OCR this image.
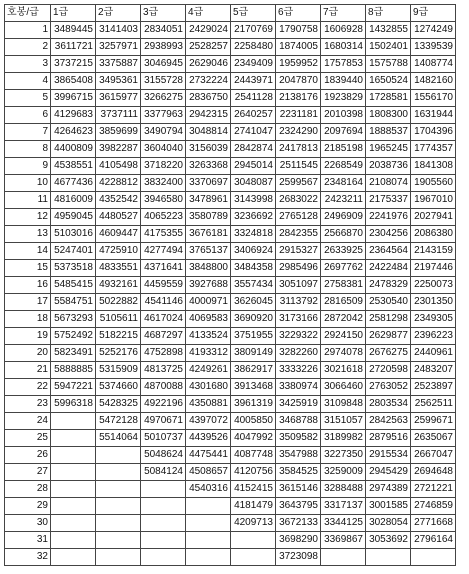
호봉/급	1급	2급	3급	4급	5급	6급	7급	8급	9급
1	3489445	3141403	2834051	2429024	2170769	1790758	1606928	1432855	1274249
2	3611721	3257971	2938993	2528257	2258480	1874005	1680314	1502401	1339539
3	3737215	3375887	3046945	2629046	2349409	1959952	1757853	1575788	1408774
4	3865408	3495361	3155728	2732224	2443971	2047870	1839440	1650524	1482160
5	3996715	3615977	3266275	2836750	2541128	2138176	1923829	1728581	1556170
6	4129683	3737111	3377963	2942315	2640257	2231181	2010398	1808300	1631944
7	4264623	3859699	3490794	3048814	2741047	2324290	2097694	1888537	1704396
8	4400809	3982287	3604040	3156039	2842874	2417813	2185198	1965245	1774357
9	4538551	4105498	3718220	3263368	2945014	2511545	2268549	2038736	1841308
10	4677436	4228812	3832400	3370697	3048087	2599567	2348164	2108074	1905560
11	4816009	4352542	3946580	3478961	3143998	2683022	2423211	2175337	1967010
12	4959045	4480527	4065223	3580789	3236692	2765128	2496909	2241976	2027941
13	5103016	4609447	4175355	3676181	3324818	2842355	2566870	2304256	2086380
14	5247401	4725910	4277494	3765137	3406924	2915327	2633925	2364564	2143159
15	5373518	4833551	4371641	3848800	3484358	2985496	2697762	2422484	2197446
16	5485415	4932161	4459559	3927688	3557434	3051097	2758381	2478329	2250073
17	5584751	5022882	4541146	4000971	3626045	3113792	2816509	2530540	2301350
18	5673293	5105611	4617024	4069583	3690920	3173166	2872042	2581298	2349305
19	5752492	5182215	4687297	4133524	3751955	3229322	2924150	2629877	2396223
20	5823491	5252176	4752898	4193312	3809149	3282260	2974078	2676275	2440961
21	5888885	5315909	4813725	4249261	3862917	3333226	3021618	2720598	2483207
22	5947221	5374660	4870088	4301680	3913468	3380974	3066460	2763052	2523897
23	5996318	5428325	4922196	4350881	3961319	3425919	3109848	2803534	2562511
24		5472128	4970671	4397072	4005850	3468788	3151057	2842563	2599671
25		5514064	5010737	4439526	4047992	3509582	3189982	2879516	2635067
26			5048624	4475441	4087748	3547988	3227350	2915534	2667047
27			5084124	4508657	4120756	3584525	3259009	2945429	2694648
28				4540316	4152415	3615146	3288488	2974389	2721221
29					4181479	3643795	3317137	3001585	2746859
30					4209713	3672133	3344125	3028054	2771668
31						3698290	3369867	3053692	2796164
32						3723098			
